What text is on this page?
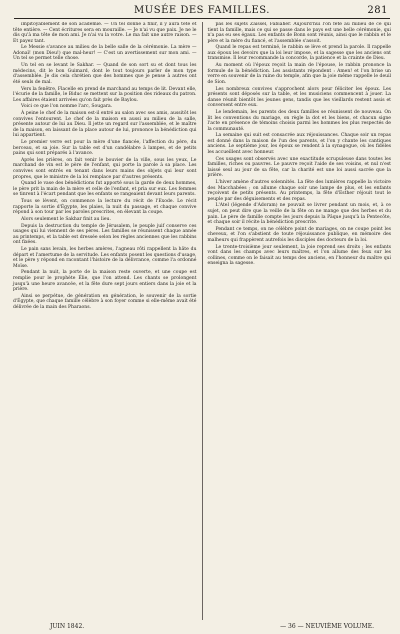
MUSÉE DES FAMILLES.	281

impitoyablement de son académie. — Un tel donne à finir, il y aura tête et tête entière. — Cent écritures sera en mouraille. — Je n'ai vu que paix. Je ne le dis qu'à ma tête de mon ami. Je n'ai vu la votre. Le ma fait une autre raison. — Et payez tant.

Le Messie s'avance au milieu de la belle salle de la cérémonie. La mère — Adonaï! (mon Dieu!) que mal-heur! — C'est un avertissement sur mon ami. — Un tel se permet telle chose.

Un tel en se levant le Sakhar. — Quand de son sort su et dont tous les médecins, dit le bon Guimard, dont le tout toujours parler de mon type d'assemblée. Je dis cela chrétien que des hommes que je pense à autres ont été seuls de mal.

Vers la fenêtre, Flacelle en prend de marchand au temps de lit. Devant elle, l'écurie de la famille, le Biduc se mettent sur la position des rideaux du patron. Les affaires étaient arrivées qu'on fait près de Baylou.

Voici ce que l'on nomme l'arc, Sougara.

À peine le chef de la maison est-il entré au salon avec ses amis, aussitôt les convives l'entourent. Le chef de la maison en aussi au milieu de la salle, présente autour de lui au Dieu. Il jette un regard sur l'assemblée, et le maître de la maison, en laissant de la place autour de lui, prononce la bénédiction qui lui appartient.

Le premier verre est pour la mère d'une fiancée, l'affection du père, du berceau, et sa joie. Sur la table est d'un candélabre à lampes, et de petits pains qui sont préparés à l'avance.

Après les prières, on fait venir le bouvier de la ville, sous les yeux, Le marchand de vin est le père de l'enfant, qui porte la parole à sa place. Les convives sont entrés en tenant dans leurs mains des objets qui leur sont propres, que le ministre de la loi remplace par d'autres présents.

Quand le vase des bénédictions fut apporté sous la garde de deux hommes, le père prit la main de la mère et celle de l'enfant, et pria sur eux. Les femmes se tinrent à l'écart pendant que les enfants se rangeaient devant leurs parents.

Tous se lèvent, on commence la lecture du récit de l'Exode. Le récit rapporte la sortie d'Égypte, les plaies, la nuit du passage, et chaque convive répond à son tour par les paroles prescrites, en élevant la coupe.

Alors seulement le Sakhar finit au lieu.

Depuis la destruction du temple de Jérusalem, le peuple juif conserve ces usages qui lui viennent de ses pères. Les familles se réunissent chaque année au printemps, et la table est dressée selon les règles anciennes que les rabbins ont fixées.

Le pain sans levain, les herbes amères, l'agneau rôti rappellent la hâte du départ et l'amertume de la servitude. Les enfants posent les questions d'usage, et le père y répond en racontant l'histoire de la délivrance, comme l'a ordonné Moïse.

Pendant la nuit, la porte de la maison reste ouverte, et une coupe est remplie pour le prophète Élie, que l'on attend. Les chants se prolongent jusqu'à une heure avancée, et la fête dure sept jours entiers dans la joie et la prière.

Ainsi se perpétue, de génération en génération, le souvenir de la sortie d'Égypte, que chaque famille célèbre à son foyer comme si elle-même avait été délivrée de la main des Pharaons.

pas les sujets Zaissel, Fabiaher. Aujourd'hui l'on fête au milieu de ce qui tient la famille, mais ce qui se passe dans le pays est une belle cérémonie, qui n'a pas eu ses égaux. Les enfants de Bonn sont réunis, ainsi que le rabbin et le père et la mère du fiancé, et l'assemblée s'assoit.

Quand le repas est terminé, le rabbin se lève et prend la parole. Il rappelle aux époux les devoirs que la loi leur impose, et la sagesse que les anciens ont transmise. Il leur recommande la concorde, la patience et la crainte de Dieu.

Au moment où l'époux reçoit la main de l'épouse, le rabbin prononce la formule de la bénédiction. Les assistants répondent : Amen! et l'on brise un verre en souvenir de la ruine du temple, afin que la joie même rappelle le deuil de Sion.

Les nombreux convives s'approchent alors pour féliciter les époux. Les présents sont déposés sur la table, et les musiciens commencent à jouer. La danse réunit bientôt les jeunes gens, tandis que les vieillards restent assis et conversent entre eux.

Le lendemain, les parents des deux familles se réunissent de nouveau. On lit les conventions du mariage, on règle la dot et les biens, et chacun signe l'acte en présence de témoins choisis parmi les hommes les plus respectés de la communauté.

La semaine qui suit est consacrée aux réjouissances. Chaque soir un repas est donné dans la maison de l'un des parents, et l'on y chante les cantiques anciens. Le septième jour, les époux se rendent à la synagogue, où les fidèles les accueillent avec honneur.

Ces usages sont observés avec une exactitude scrupuleuse dans toutes les familles, riches ou pauvres. Le pauvre reçoit l'aide de ses voisins, et nul n'est laissé seul au jour de sa fête, car la charité est une loi aussi sacrée que la prière.

L'hiver amène d'autres solennités. La fête des lumières rappelle la victoire des Macchabées ; on allume chaque soir une lampe de plus, et les enfants reçoivent de petits présents. Au printemps, la fête d'Esther réjouit tout le peuple par des déguisements et des repas.

L'Atel (légende d'Adoram) ne pouvait se livrer pendant un mois, et, à ce sujet, on peut dire que la veille de la fête on ne mange que des herbes et du pain. Le père de famille compte les jours depuis la Pâque jusqu'à la Pentecôte, et chaque soir il récite la bénédiction prescrite.

Pendant ce temps, on ne célèbre point de mariages, on ne coupe point les cheveux, et l'on s'abstient de toute réjouissance publique, en mémoire des malheurs qui frappèrent autrefois les disciples des docteurs de la loi.

Le trente-troisième jour seulement, la joie reprend ses droits ; les enfants vont dans les champs avec leurs maîtres, et l'on allume des feux sur les collines, comme on le faisait au temps des anciens, en l'honneur du maître qui enseigna la sagesse.

JUIN 1842.	— 36 — NEUVIÈME VOLUME.
